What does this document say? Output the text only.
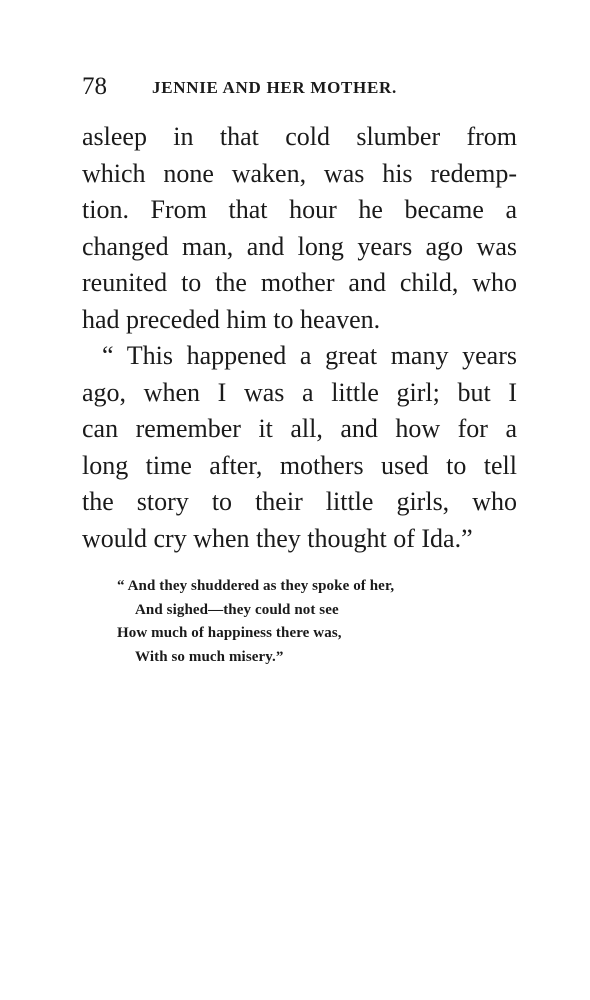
78	JENNIE AND HER MOTHER.
asleep in that cold slumber from
which none waken, was his redemp-
tion. From that hour he became a
changed man, and long years ago was
reunited to the mother and child, who
had preceded him to heaven.
“ This happened a great many years
ago, when I was a little girl; but I
can remember it all, and how for a
long time after, mothers used to tell
the story to their little girls, who
would cry when they thought of Ida.”
“ And they shuddered as they spoke of her,
And sighed—they could not see
How much of happiness there was,
With so much misery.”
